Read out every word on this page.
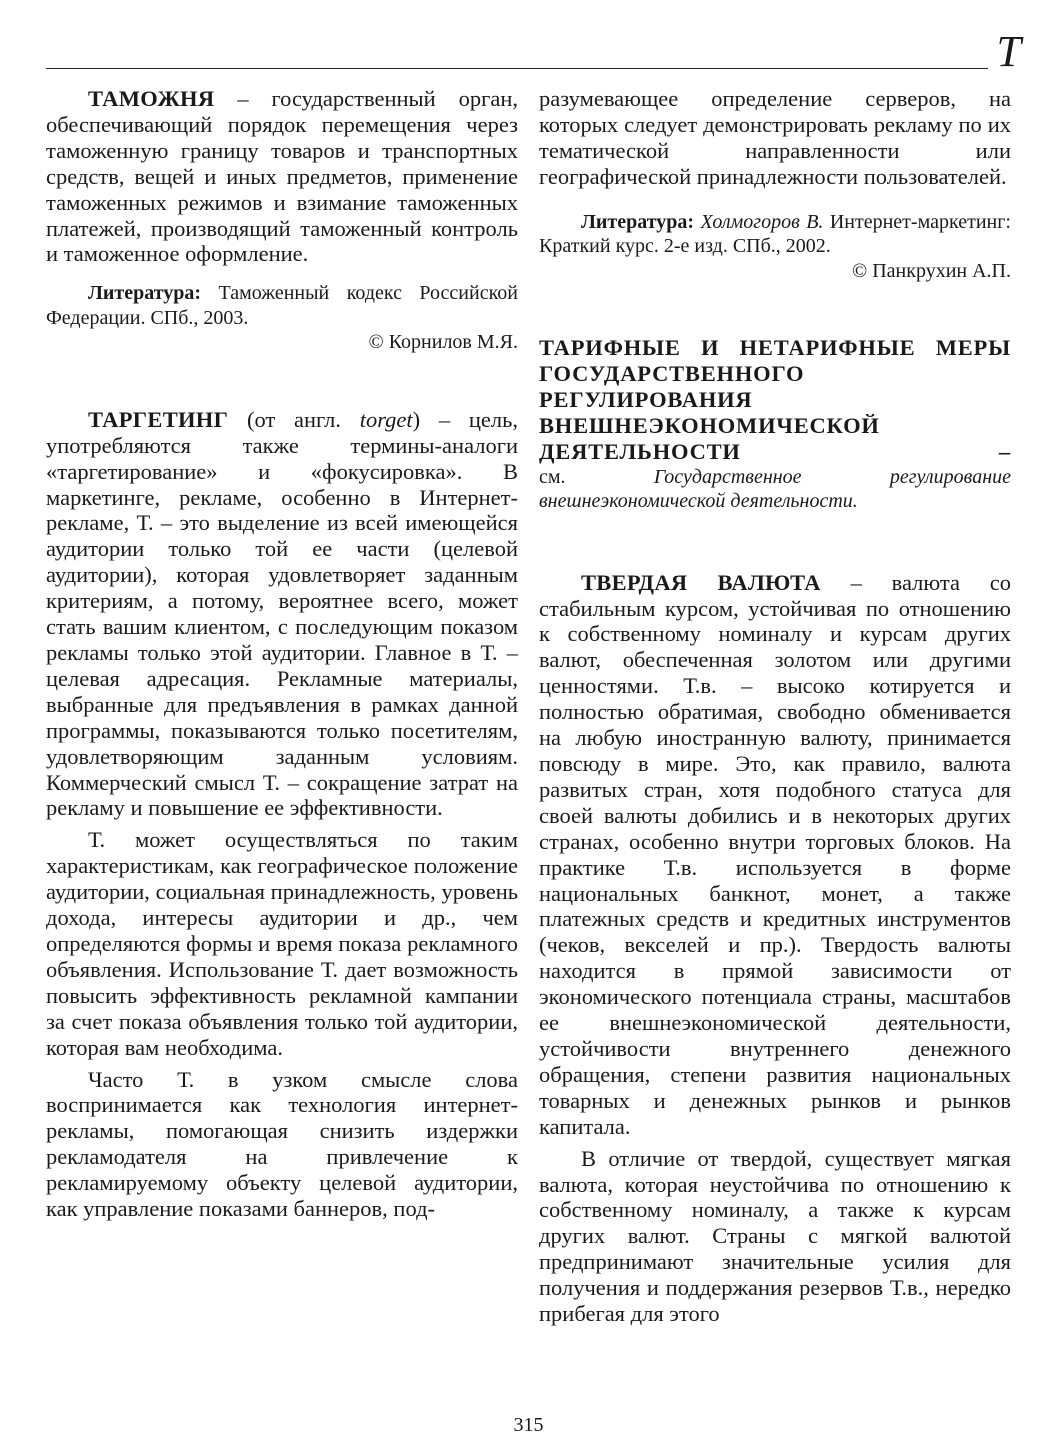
Т

ТАМОЖНЯ – государственный орган, обеспечивающий порядок перемещения через таможенную границу товаров и транспортных средств, вещей и иных предметов, применение таможенных режимов и взимание таможенных платежей, производящий таможенный контроль и таможенное оформление.

Литература: Таможенный кодекс Российской Федерации. СПб., 2003.

© Корнилов М.Я.

ТАРГЕТИНГ (от англ. torget) – цель, употребляются также термины-аналоги «таргетирование» и «фокусировка». В маркетинге, рекламе, особенно в Интернет-рекламе, Т. – это выделение из всей имеющейся аудитории только той ее части (целевой аудитории), которая удовлетворяет заданным критериям, а потому, вероятнее всего, может стать вашим клиентом, с последующим показом рекламы только этой аудитории. Главное в Т. – целевая адресация. Рекламные материалы, выбранные для предъявления в рамках данной программы, показываются только посетителям, удовлетворяющим заданным условиям. Коммерческий смысл Т. – сокращение затрат на рекламу и повышение ее эффективности.

Т. может осуществляться по таким характеристикам, как географическое положение аудитории, социальная принадлежность, уровень дохода, интересы аудитории и др., чем определяются формы и время показа рекламного объявления. Использование Т. дает возможность повысить эффективность рекламной кампании за счет показа объявления только той аудитории, которая вам необходима.

Часто Т. в узком смысле слова воспринимается как технология интернет-рекламы, помогающая снизить издержки рекламодателя на привлечение к рекламируемому объекту целевой аудитории, как управление показами баннеров, под-

разумевающее определение серверов, на которых следует демонстрировать рекламу по их тематической направленности или географической принадлежности пользователей.

Литература: Холмогоров В. Интернет-маркетинг: Краткий курс. 2-е изд. СПб., 2002.

© Панкрухин А.П.

ТАРИФНЫЕ И НЕТАРИФНЫЕ МЕРЫ ГОСУДАРСТВЕННОГО РЕГУЛИРОВАНИЯ ВНЕШНЕЭКОНОМИЧЕСКОЙ ДЕЯТЕЛЬНОСТИ –

см. Государственное регулирование внешнеэкономической деятельности.

ТВЕРДАЯ ВАЛЮТА – валюта со стабильным курсом, устойчивая по отношению к собственному номиналу и курсам других валют, обеспеченная золотом или другими ценностями. Т.в. – высоко котируется и полностью обратимая, свободно обменивается на любую иностранную валюту, принимается повсюду в мире. Это, как правило, валюта развитых стран, хотя подобного статуса для своей валюты добились и в некоторых других странах, особенно внутри торговых блоков. На практике Т.в. используется в форме национальных банкнот, монет, а также платежных средств и кредитных инструментов (чеков, векселей и пр.). Твердость валюты находится в прямой зависимости от экономического потенциала страны, масштабов ее внешнеэкономической деятельности, устойчивости внутреннего денежного обращения, степени развития национальных товарных и денежных рынков и рынков капитала.

В отличие от твердой, существует мягкая валюта, которая неустойчива по отношению к собственному номиналу, а также к курсам других валют. Страны с мягкой валютой предпринимают значительные усилия для получения и поддержания резервов Т.в., нередко прибегая для этого

315
